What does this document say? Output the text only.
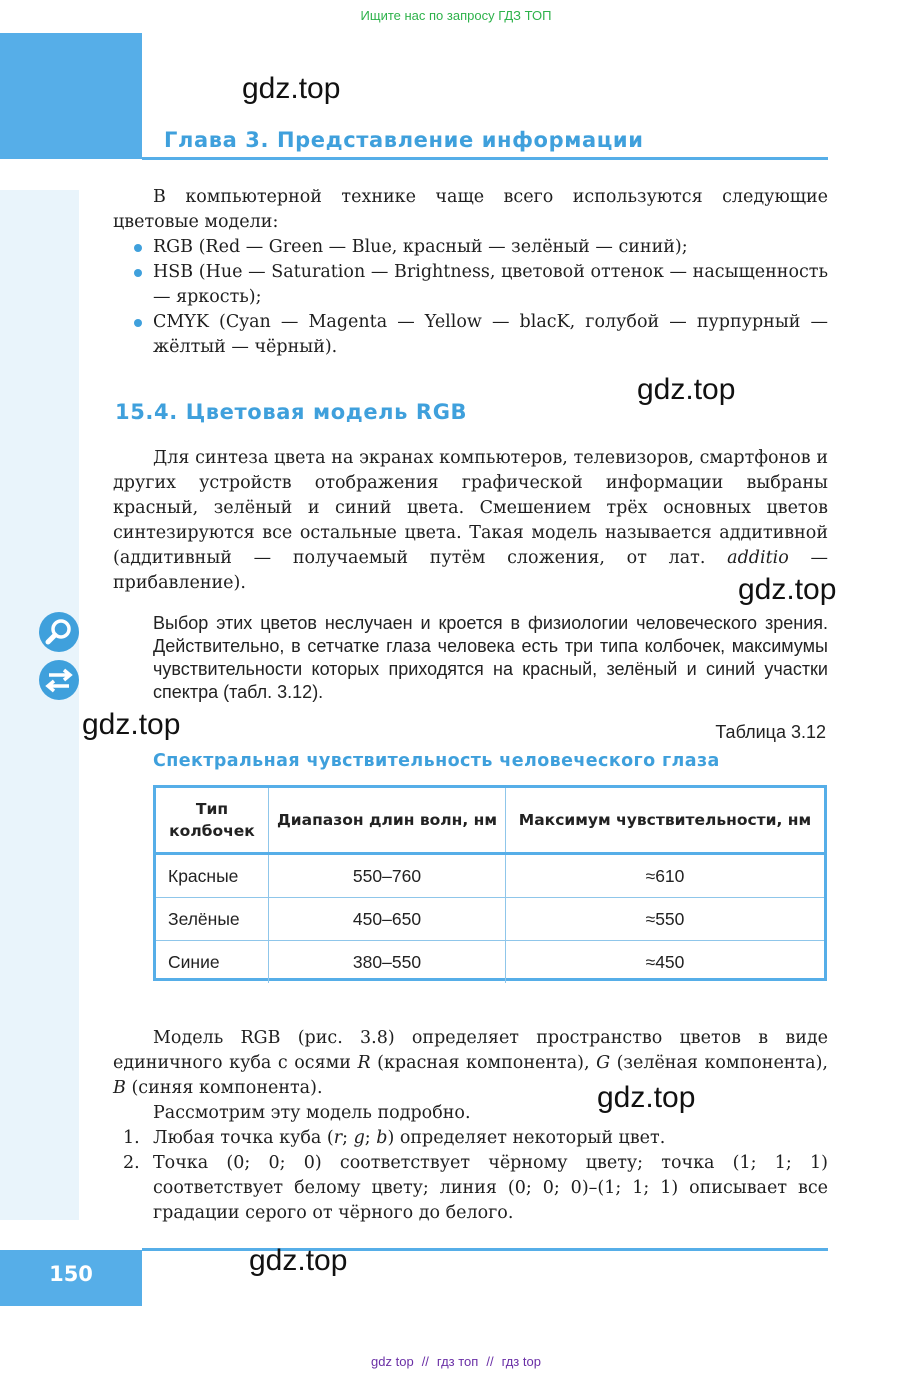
Ищите нас по запросу ГДЗ ТОП
gdz.top
Глава 3. Представление информации
В компьютерной технике чаще всего используются следующие цветовые модели:
RGB (Red — Green — Blue, красный — зелёный — синий);
HSB (Hue — Saturation — Brightness, цветовой оттенок — насыщенность — яркость);
CMYK (Cyan — Magenta — Yellow — blacK, голубой — пурпурный — жёлтый — чёрный).
gdz.top
15.4. Цветовая модель RGB
Для синтеза цвета на экранах компьютеров, телевизоров, смартфонов и других устройств отображения графической информации выбраны красный, зелёный и синий цвета. Смешением трёх основных цветов синтезируются все остальные цвета. Такая модель называется аддитивной (аддитивный — получаемый путём сложения, от лат. additio — прибавление).	gdz.top
Выбор этих цветов неслучаен и кроется в физиологии человеческого зрения. Действительно, в сетчатке глаза человека есть три типа колбочек, максимумы чувствительности которых приходятся на красный, зелёный и синий участки спектра (табл. 3.12).
gdz.top	Таблица 3.12
Спектральная чувствительность человеческого глаза
Тип колбочек	Диапазон длин волн, нм	Максимум чувствительности, нм
Красные	550–760	≈610
Зелёные	450–650	≈550
Синие	380–550	≈450
Модель RGB (рис. 3.8) определяет пространство цветов в виде единичного куба с осями R (красная компонента), G (зелёная компонента), B (синяя компонента).
Рассмотрим эту модель подробно.	gdz.top
1. Любая точка куба (r; g; b) определяет некоторый цвет.
2. Точка (0; 0; 0) соответствует чёрному цвету; точка (1; 1; 1) соответствует белому цвету; линия (0; 0; 0)–(1; 1; 1) описывает все градации серого от чёрного до белого.
150	gdz.top
gdz top // гдз топ // гдз top
